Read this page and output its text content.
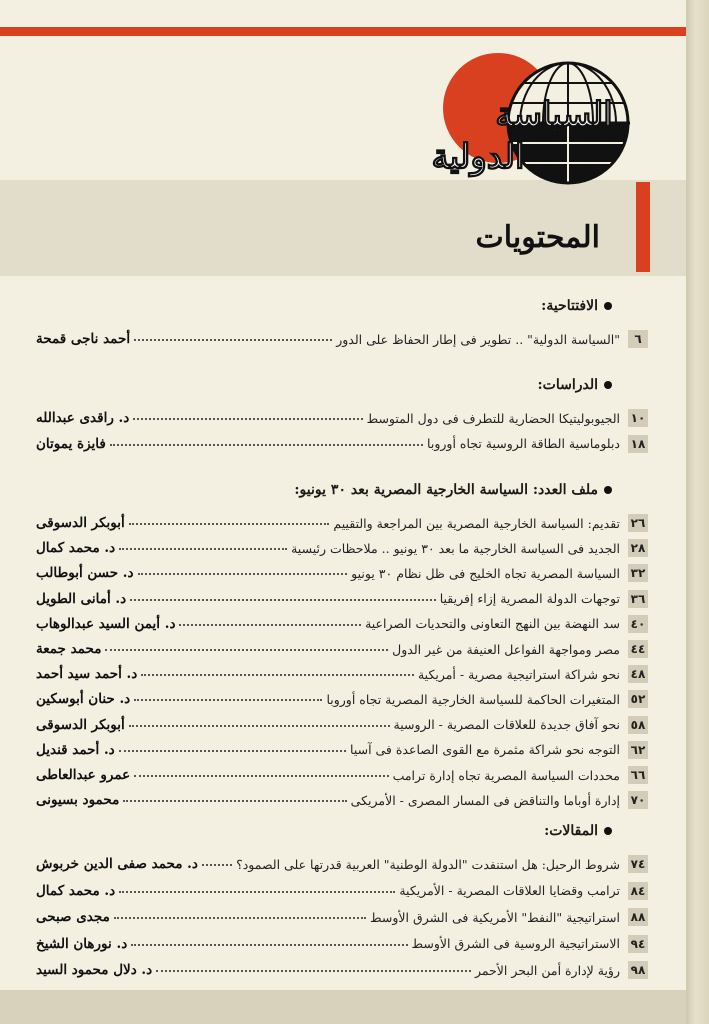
السياسة
الدولية
المحتويات
الافتتاحية:
٦
"السياسة الدولية" .. تطوير فى إطار الحفاظ على الدور
أحمد ناجى قمحة
الدراسات:
١٠
الجيوبوليتيكا الحضارية للتطرف فى دول المتوسط
د. راقدى عبدالله
١٨
دبلوماسية الطاقة الروسية تجاه أوروبا
فايزة يموتان
ملف العدد: السياسة الخارجية المصرية بعد ٣٠ يونيو:
٢٦
تقديم: السياسة الخارجية المصرية بين المراجعة والتقييم
أبوبكر الدسوقى
٢٨
الجديد فى السياسة الخارجية ما بعد ٣٠ يونيو .. ملاحظات رئيسية
د. محمد كمال
٣٢
السياسة المصرية تجاه الخليج فى ظل نظام ٣٠ يونيو
د. حسن أبوطالب
٣٦
توجهات الدولة المصرية إزاء إفريقيا
د. أمانى الطويل
٤٠
سد النهضة بين النهج التعاونى والتحديات الصراعية
د. أيمن السيد عبدالوهاب
٤٤
مصر ومواجهة الفواعل العنيفة من غير الدول
محمد جمعة
٤٨
نحو شراكة استراتيجية مصرية - أمريكية
د. أحمد سيد أحمد
٥٢
المتغيرات الحاكمة للسياسة الخارجية المصرية تجاه أوروبا
د. حنان أبوسكين
٥٨
نحو آفاق جديدة للعلاقات المصرية - الروسية
أبوبكر الدسوقى
٦٢
التوجه نحو شراكة مثمرة مع القوى الصاعدة فى آسيا
د. أحمد قنديل
٦٦
محددات السياسة المصرية تجاه إدارة ترامب
عمرو عبدالعاطى
٧٠
إدارة أوباما والتناقض فى المسار المصرى - الأمريكى
محمود بسيونى
المقالات:
٧٤
شروط الرحيل: هل استنفدت "الدولة الوطنية" العربية قدرتها على الصمود؟
د. محمد صفى الدين خربوش
٨٤
ترامب وقضايا العلاقات المصرية - الأمريكية
د. محمد كمال
٨٨
استراتيجية "النفط" الأمريكية فى الشرق الأوسط
مجدى صبحى
٩٤
الاستراتيجية الروسية فى الشرق الأوسط
د. نورهان الشيخ
٩٨
رؤية لإدارة أمن البحر الأحمر
د. دلال محمود السيد
